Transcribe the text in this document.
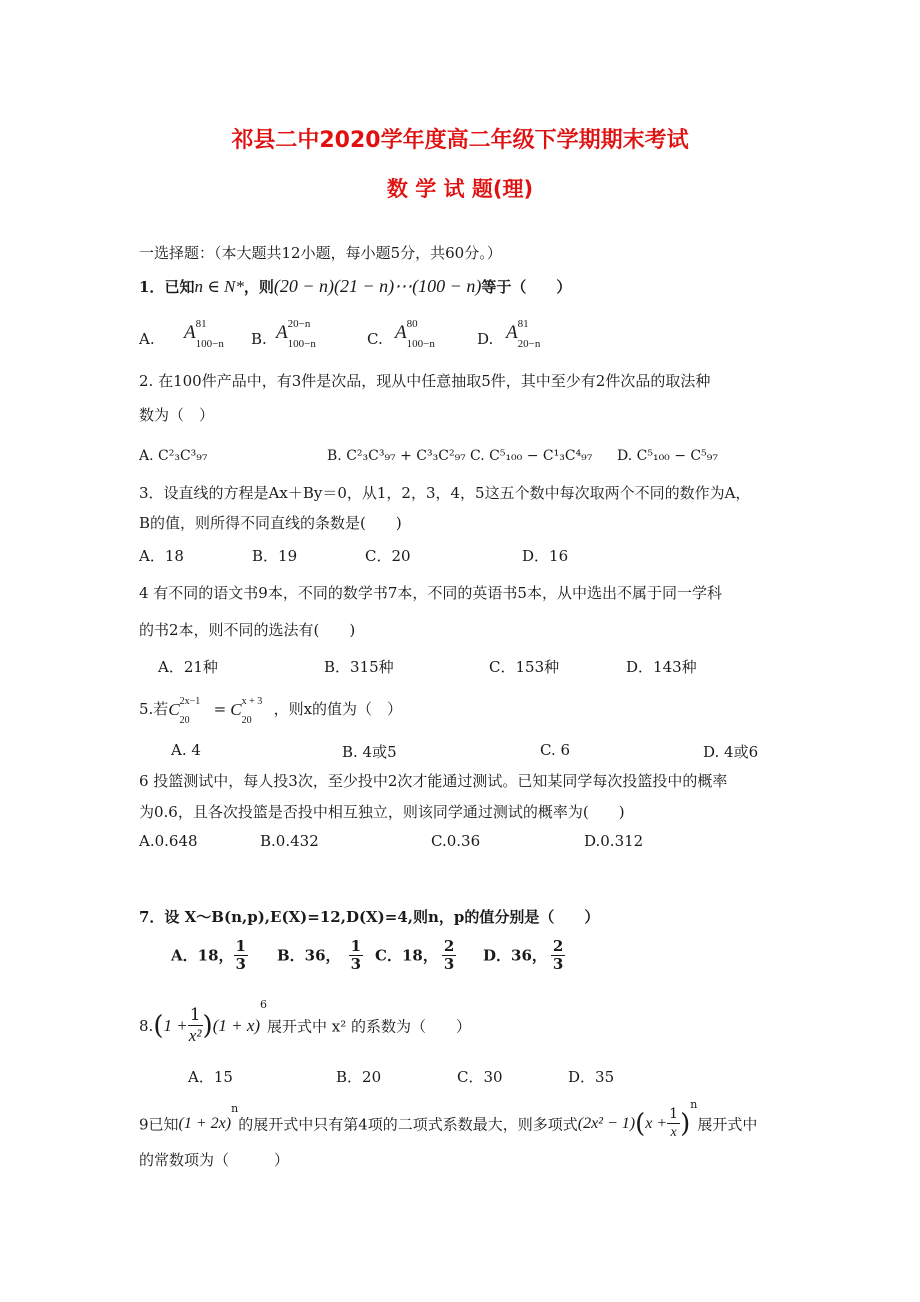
祁县二中2020学年度高二年级下学期期末考试
数 学 试 题(理)
一选择题：（本大题共12小题，每小题5分，共60分。）
1．已知n ∈ N*，则(20 − n)(21 − n)⋯(100 − n)等于（　　）
A. A 81
100−n B. A 20−n
100−n	C. A 80
100−n	D. A 81
20−n
2. 在100件产品中，有3件是次品，现从中任意抽取5件，其中至少有2件次品的取法种
数为（　）
A. C²₃C³₉₇	B. C²₃C³₉₇ + C³₃C²₉₇ C. C⁵₁₀₀ − C¹₃C⁴₉₇ D. C⁵₁₀₀ − C⁵₉₇
3．设直线的方程是Ax＋By＝0，从1，2，3，4，5这五个数中每次取两个不同的数作为A，
B的值，则所得不同直线的条数是(　　)
A．18	B．19	C．20	D．16
4 有不同的语文书9本，不同的数学书7本，不同的英语书5本，从中选出不属于同一学科
的书2本，则不同的选法有(　　)
A．21种	B．315种	C．153种	D．143种
5.若C 2x−1
20
= C x + 3
20
，则x的值为（　）
A. 4	B. 4或5	C. 6	D. 4或6
6 投篮测试中，每人投3次，至少投中2次才能通过测试。已知某同学每次投篮投中的概率
为0.6，且各次投篮是否投中相互独立，则该同学通过测试的概率为(　　)
A.0.648	B.0.432	C.0.36	D.0.312
7．设 X～B(n,p),E(X)=12,D(X)=4,则n，p的值分别是（　　）
A．18， $\frac{1}{3}$ B．36， $\frac{1}{3}$ C．18， $\frac{2}{3}$ D．36， $\frac{2}{3}$
$8.(1 + \frac{1}{\text{x²}})(1 + x)^6$展开式中 x² 的系数为（　　）
A．15	B．20	C．30	D．35
9已知$(1 + 2x)^n$的展开式中只有第4项的二项式系数最大，则多项式$(2x^2 - 1)(x + \frac{1}{x})^n$展开式中
的常数项为（　　　）
